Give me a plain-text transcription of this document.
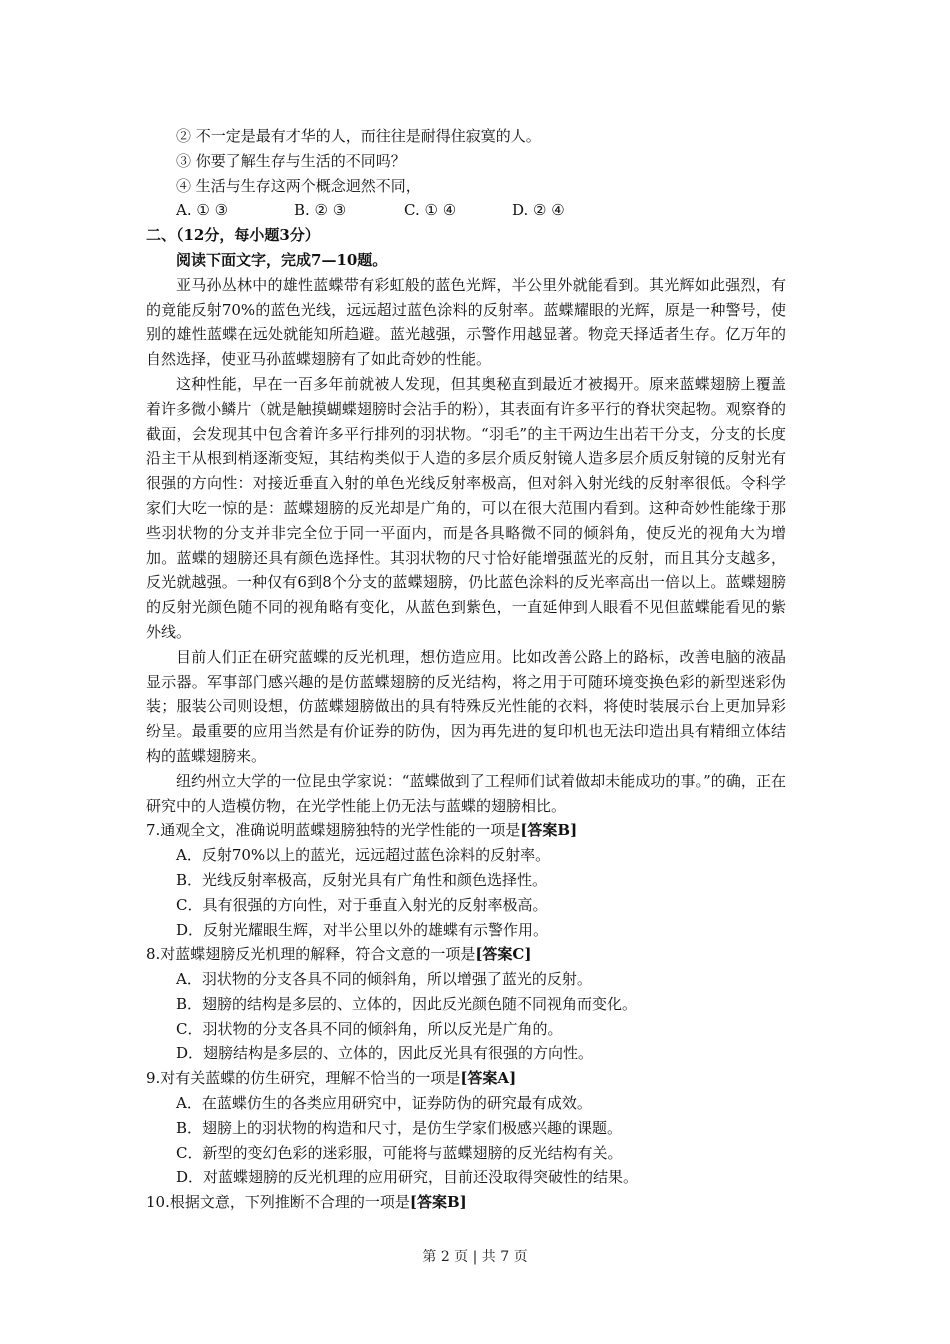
② 不一定是最有才华的人，而往往是耐得住寂寞的人。
③ 你要了解生存与生活的不同吗？
④ 生活与生存这两个概念迥然不同，
A. ① ③	B. ② ③	C. ① ④	D. ② ④
二、（12分，每小题3分）
阅读下面文字，完成7—10题。
亚马孙丛林中的雄性蓝蝶带有彩虹般的蓝色光辉，半公里外就能看到。其光辉如此强烈，有的竟能反射70%的蓝色光线，远远超过蓝色涂料的反射率。蓝蝶耀眼的光辉，原是一种警号，使别的雄性蓝蝶在远处就能知所趋避。蓝光越强，示警作用越显著。物竞天择适者生存。亿万年的自然选择，使亚马孙蓝蝶翅膀有了如此奇妙的性能。
这种性能，早在一百多年前就被人发现，但其奥秘直到最近才被揭开。原来蓝蝶翅膀上覆盖着许多微小鳞片（就是触摸蝴蝶翅膀时会沾手的粉），其表面有许多平行的脊状突起物。观察脊的截面，会发现其中包含着许多平行排列的羽状物。“羽毛”的主干两边生出若干分支，分支的长度沿主干从根到梢逐渐变短，其结构类似于人造的多层介质反射镜人造多层介质反射镜的反射光有很强的方向性：对接近垂直入射的单色光线反射率极高，但对斜入射光线的反射率很低。令科学家们大吃一惊的是：蓝蝶翅膀的反光却是广角的，可以在很大范围内看到。这种奇妙性能缘于那些羽状物的分支并非完全位于同一平面内，而是各具略微不同的倾斜角，使反光的视角大为增加。蓝蝶的翅膀还具有颜色选择性。其羽状物的尺寸恰好能增强蓝光的反射，而且其分支越多，反光就越强。一种仅有6到8个分支的蓝蝶翅膀，仍比蓝色涂料的反光率高出一倍以上。蓝蝶翅膀的反射光颜色随不同的视角略有变化，从蓝色到紫色，一直延伸到人眼看不见但蓝蝶能看见的紫外线。
目前人们正在研究蓝蝶的反光机理，想仿造应用。比如改善公路上的路标，改善电脑的液晶显示器。军事部门感兴趣的是仿蓝蝶翅膀的反光结构，将之用于可随环境变换色彩的新型迷彩伪装；服装公司则设想，仿蓝蝶翅膀做出的具有特殊反光性能的衣料，将使时装展示台上更加异彩纷呈。最重要的应用当然是有价证券的防伪，因为再先进的复印机也无法印造出具有精细立体结构的蓝蝶翅膀来。
纽约州立大学的一位昆虫学家说：“蓝蝶做到了工程师们试着做却未能成功的事。”的确，正在研究中的人造模仿物，在光学性能上仍无法与蓝蝶的翅膀相比。
7.通观全文，准确说明蓝蝶翅膀独特的光学性能的一项是[答案B]
A．反射70%以上的蓝光，远远超过蓝色涂料的反射率。
B．光线反射率极高，反射光具有广角性和颜色选择性。
C．具有很强的方向性，对于垂直入射光的反射率极高。
D．反射光耀眼生辉，对半公里以外的雄蝶有示警作用。
8.对蓝蝶翅膀反光机理的解释，符合文意的一项是[答案C]
A．羽状物的分支各具不同的倾斜角，所以增强了蓝光的反射。
B．翅膀的结构是多层的、立体的，因此反光颜色随不同视角而变化。
C．羽状物的分支各具不同的倾斜角，所以反光是广角的。
D．翅膀结构是多层的、立体的，因此反光具有很强的方向性。
9.对有关蓝蝶的仿生研究，理解不恰当的一项是[答案A]
A．在蓝蝶仿生的各类应用研究中，证券防伪的研究最有成效。
B．翅膀上的羽状物的构造和尺寸，是仿生学家们极感兴趣的课题。
C．新型的变幻色彩的迷彩服，可能将与蓝蝶翅膀的反光结构有关。
D．对蓝蝶翅膀的反光机理的应用研究，目前还没取得突破性的结果。
10.根据文意，下列推断不合理的一项是[答案B]
第 2 页 | 共 7 页
